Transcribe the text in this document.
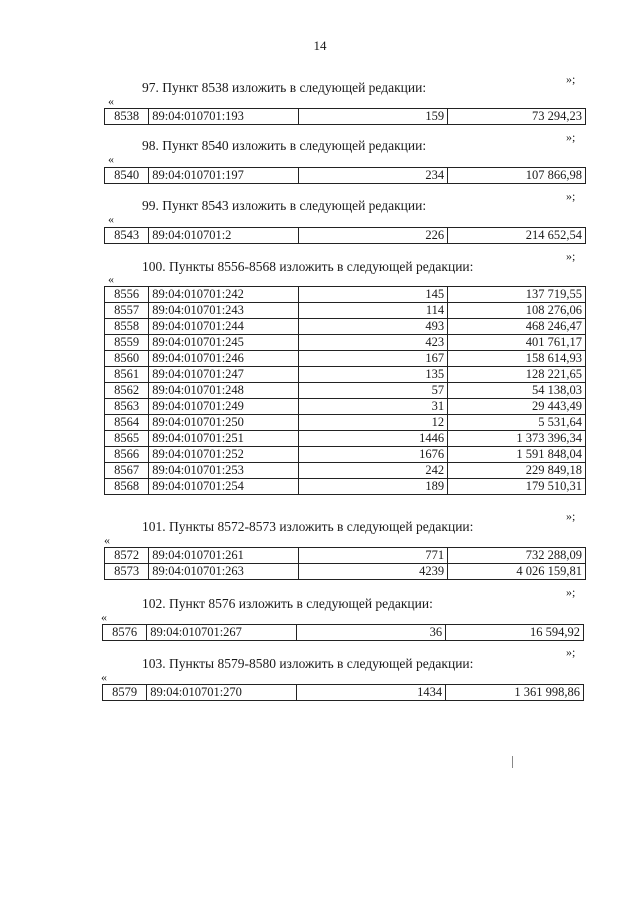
14
»;
97. Пункт 8538 изложить в следующей редакции:
«
8538	89:04:010701:193	159	73 294,23
»;
98. Пункт 8540 изложить в следующей редакции:
«
8540	89:04:010701:197	234	107 866,98
»;
99. Пункт 8543 изложить в следующей редакции:
«
8543	89:04:010701:2	226	214 652,54
»;
100. Пункты 8556-8568 изложить в следующей редакции:
«
8556	89:04:010701:242	145	137 719,55
8557	89:04:010701:243	114	108 276,06
8558	89:04:010701:244	493	468 246,47
8559	89:04:010701:245	423	401 761,17
8560	89:04:010701:246	167	158 614,93
8561	89:04:010701:247	135	128 221,65
8562	89:04:010701:248	57	54 138,03
8563	89:04:010701:249	31	29 443,49
8564	89:04:010701:250	12	5 531,64
8565	89:04:010701:251	1446	1 373 396,34
8566	89:04:010701:252	1676	1 591 848,04
8567	89:04:010701:253	242	229 849,18
8568	89:04:010701:254	189	179 510,31
»;
101. Пункты 8572-8573 изложить в следующей редакции:
«
8572	89:04:010701:261	771	732 288,09
8573	89:04:010701:263	4239	4 026 159,81
»;
102. Пункт 8576 изложить в следующей редакции:
«
8576	89:04:010701:267	36	16 594,92
»;
103. Пункты 8579-8580 изложить в следующей редакции:
«
8579	89:04:010701:270	1434	1 361 998,86
